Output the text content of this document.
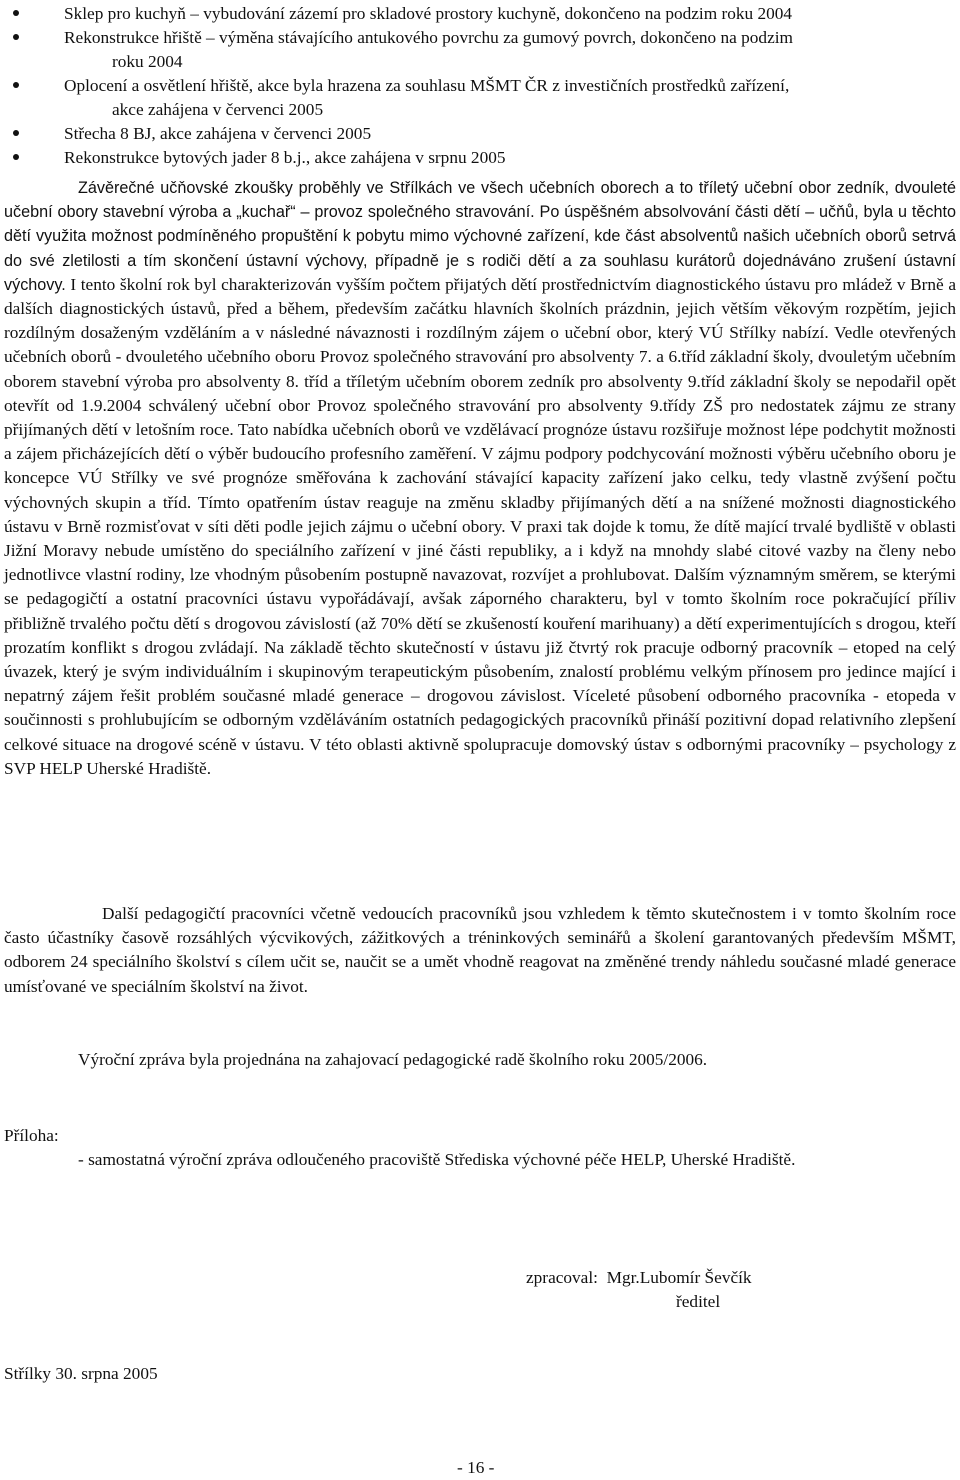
Sklep pro kuchyň – vybudování zázemí pro skladové prostory kuchyně, dokončeno na podzim roku 2004
Rekonstrukce hřiště – výměna stávajícího antukového povrchu za gumový povrch, dokončeno na podzim
roku 2004
Oplocení a osvětlení hřiště, akce byla hrazena za souhlasu MŠMT ČR z investičních prostředků zařízení,
akce zahájena v červenci 2005
Střecha 8 BJ, akce zahájena v červenci 2005
Rekonstrukce bytových jader 8 b.j., akce zahájena v srpnu 2005
Závěrečné učňovské zkoušky proběhly ve Střílkách ve všech učebních oborech a to tříletý učební obor zedník, dvouleté učební obory stavební výroba a „kuchař“ – provoz společného stravování. Po úspěšném absolvování části dětí – učňů, byla u těchto dětí využita možnost podmíněného propuštění k pobytu mimo výchovné zařízení, kde část absolventů našich učebních oborů setrvá do své zletilosti a tím skončení ústavní výchovy, případně je s rodiči dětí a za souhlasu kurátorů dojednáváno zrušení ústavní výchovy. I tento školní rok byl charakterizován vyšším počtem přijatých dětí prostřednictvím diagnostického ústavu pro mládež v Brně a dalších diagnostických ústavů, před a během, především začátku hlavních školních prázdnin, jejich větším věkovým rozpětím, jejich rozdílným dosaženým vzděláním a v následné návaznosti i rozdílným zájem o učební obor, který VÚ Střílky nabízí. Vedle otevřených učebních oborů - dvouletého učebního oboru Provoz společného stravování pro absolventy 7. a 6.tříd základní školy, dvouletým učebním oborem stavební výroba pro absolventy 8. tříd a tříletým učebním oborem zedník pro absolventy 9.tříd základní školy se nepodařil opět otevřít od 1.9.2004 schválený učební obor Provoz společného stravování pro absolventy 9.třídy ZŠ pro nedostatek zájmu ze strany přijímaných dětí v letošním roce. Tato nabídka učebních oborů ve vzdělávací prognóze ústavu rozšiřuje možnost lépe podchytit možnosti a zájem přicházejících dětí o výběr budoucího profesního zaměření. V zájmu podpory podchycování možnosti výběru učebního oboru je koncepce VÚ Střílky ve své prognóze směřována k zachování stávající kapacity zařízení jako celku, tedy vlastně zvýšení počtu výchovných skupin a tříd. Tímto opatřením ústav reaguje na změnu skladby přijímaných dětí a na snížené možnosti diagnostického ústavu v Brně rozmisťovat v síti děti podle jejich zájmu o učební obory. V praxi tak dojde k tomu, že dítě mající trvalé bydliště v oblasti Jižní Moravy nebude umístěno do speciálního zařízení v jiné části republiky, a i když na mnohdy slabé citové vazby na členy nebo jednotlivce vlastní rodiny, lze vhodným působením postupně navazovat, rozvíjet a prohlubovat. Dalším významným směrem, se kterými se pedagogičtí a ostatní pracovníci ústavu vypořádávají, avšak záporného charakteru, byl v tomto školním roce pokračující příliv přibližně trvalého počtu dětí s drogovou závislostí (až 70% dětí se zkušeností kouření marihuany) a dětí experimentujících s drogou, kteří prozatím konflikt s drogou zvládají. Na základě těchto skutečností v ústavu již čtvrtý rok pracuje odborný pracovník – etoped na celý úvazek, který je svým individuálním i skupinovým terapeutickým působením, znalostí problému velkým přínosem pro jedince mající i nepatrný zájem řešit problém současné mladé generace – drogovou závislost. Víceleté působení odborného pracovníka - etopeda v součinnosti s prohlubujícím se odborným vzděláváním ostatních pedagogických pracovníků přináší pozitivní dopad relativního zlepšení celkové situace na drogové scéně v ústavu. V této oblasti aktivně spolupracuje domovský ústav s odbornými pracovníky – psychology z SVP HELP Uherské Hradiště.
Další pedagogičtí pracovníci včetně vedoucích pracovníků jsou vzhledem k těmto skutečnostem i v tomto školním roce často účastníky časově rozsáhlých výcvikových, zážitkových a tréninkových seminářů a školení garantovaných především MŠMT, odborem 24 speciálního školství s cílem učit se, naučit se a umět vhodně reagovat na změněné trendy náhledu současné mladé generace umísťované ve speciálním školství na život.
Výroční zpráva byla projednána na zahajovací pedagogické radě školního roku 2005/2006.
Příloha:
- samostatná výroční zpráva odloučeného pracoviště Střediska výchovné péče HELP, Uherské Hradiště.
zpracoval: Mgr.Lubomír Ševčík
ředitel
Střílky 30. srpna 2005
- 16 -
